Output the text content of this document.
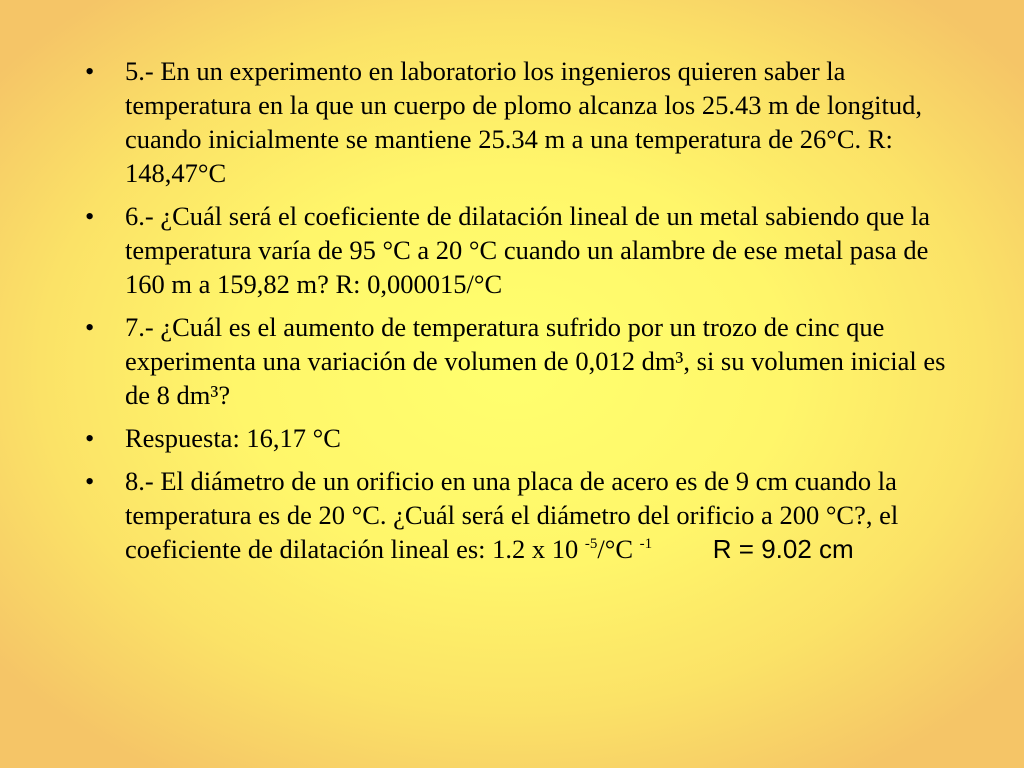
•	5.- En un experimento en laboratorio los ingenieros quieren saber la temperatura en la que un cuerpo de plomo alcanza los 25.43 m de longitud, cuando inicialmente se mantiene 25.34 m a una temperatura de 26°C. R: 148,47°C
•	6.- ¿Cuál será el coeficiente de dilatación lineal de un metal sabiendo que la temperatura varía de 95 °C a 20 °C cuando un alambre de ese metal pasa de 160 m a 159,82 m? R: 0,000015/°C
•	7.- ¿Cuál es el aumento de temperatura sufrido por un trozo de cinc que experimenta una variación de volumen de 0,012 dm³, si su volumen inicial es de 8 dm³?
•	Respuesta: 16,17 °C
•	8.- El diámetro de un orificio en una placa de acero es de 9 cm cuando la temperatura es de 20 °C. ¿Cuál será el diámetro del orificio a 200 °C?, el coeficiente de dilatación lineal es: 1.2 x 10 $^{-5}$/°C $^{-1}$ R = 9.02 cm
